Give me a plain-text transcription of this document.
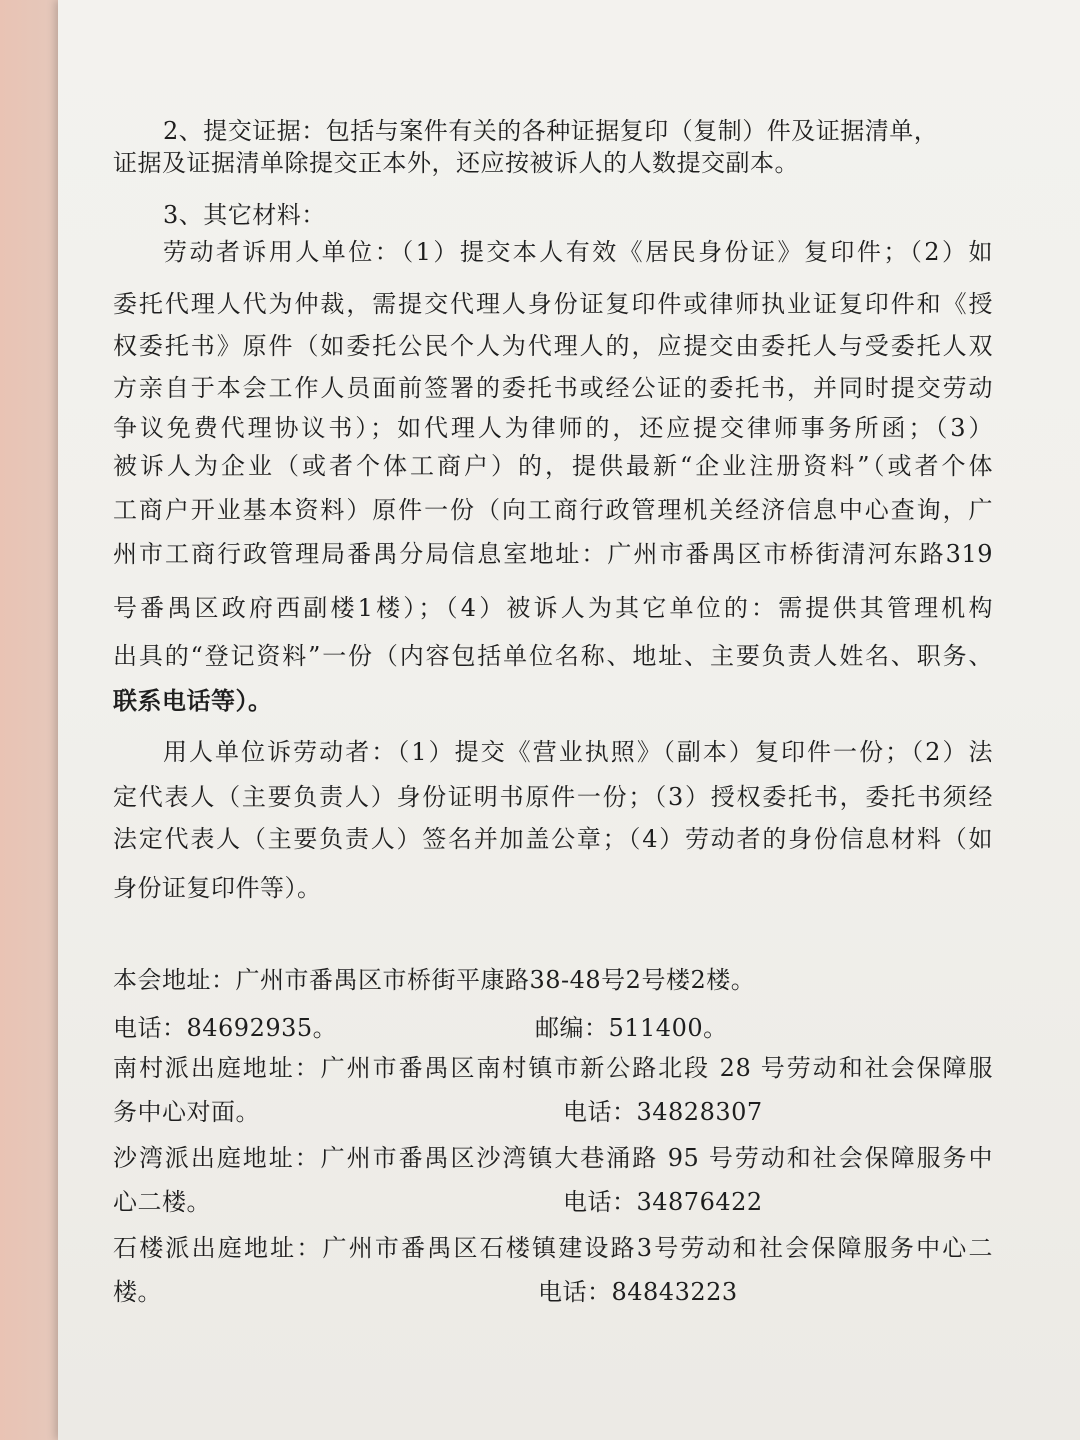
2、提交证据：包括与案件有关的各种证据复印（复制）件及证据清单，

证据及证据清单除提交正本外，还应按被诉人的人数提交副本。

3、其它材料：

劳动者诉用人单位：（1）提交本人有效《居民身份证》复印件；（2）如

委托代理人代为仲裁，需提交代理人身份证复印件或律师执业证复印件和《授

权委托书》原件（如委托公民个人为代理人的，应提交由委托人与受委托人双

方亲自于本会工作人员面前签署的委托书或经公证的委托书，并同时提交劳动

争议免费代理协议书）；如代理人为律师的，还应提交律师事务所函；（3）

被诉人为企业（或者个体工商户）的，提供最新“企业注册资料”（或者个体

工商户开业基本资料）原件一份（向工商行政管理机关经济信息中心查询，广

州市工商行政管理局番禺分局信息室地址：广州市番禺区市桥街清河东路319

号番禺区政府西副楼1楼）；（4）被诉人为其它单位的：需提供其管理机构

出具的“登记资料”一份（内容包括单位名称、地址、主要负责人姓名、职务、

联系电话等）。

用人单位诉劳动者：（1）提交《营业执照》（副本）复印件一份；（2）法

定代表人（主要负责人）身份证明书原件一份；（3）授权委托书，委托书须经

法定代表人（主要负责人）签名并加盖公章；（4）劳动者的身份信息材料（如

身份证复印件等）。

本会地址：广州市番禺区市桥街平康路38-48号2号楼2楼。

电话：84692935。	邮编：511400。

南村派出庭地址：广州市番禺区南村镇市新公路北段 28 号劳动和社会保障服

务中心对面。	电话：34828307

沙湾派出庭地址：广州市番禺区沙湾镇大巷涌路 95 号劳动和社会保障服务中

心二楼。	电话：34876422

石楼派出庭地址：广州市番禺区石楼镇建设路3号劳动和社会保障服务中心二

楼。	电话：84843223
